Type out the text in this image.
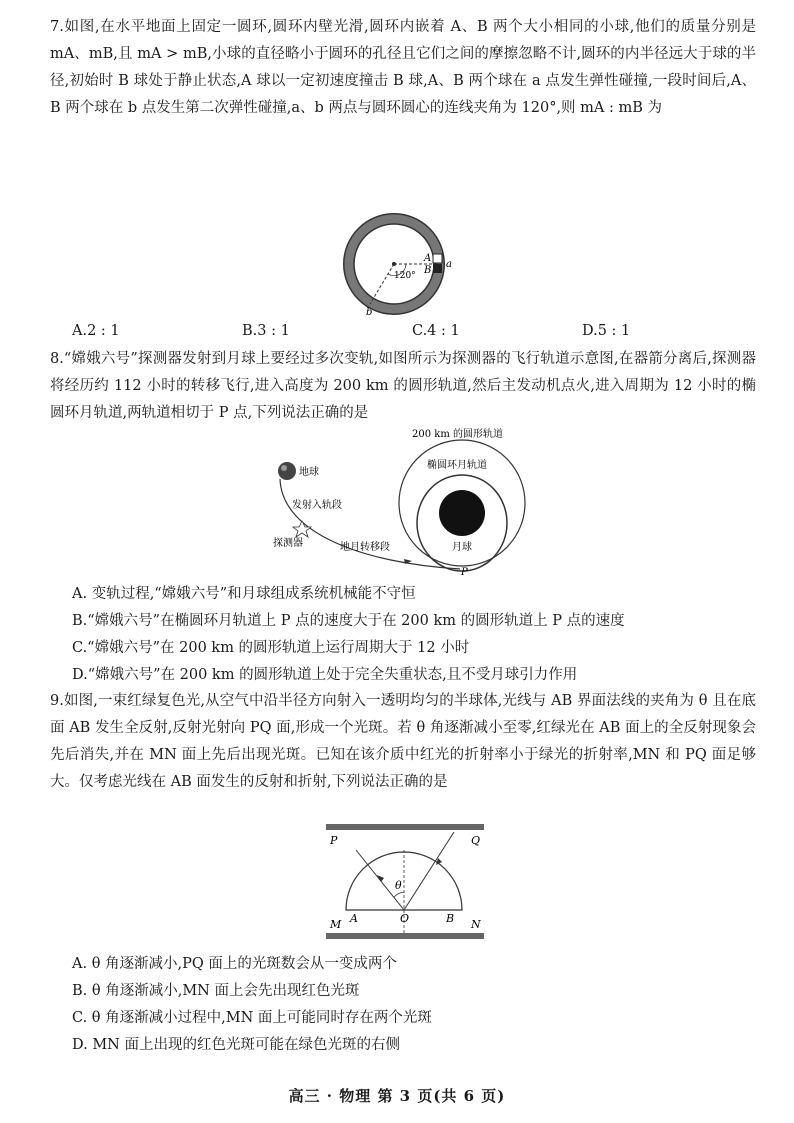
7.如图,在水平地面上固定一圆环,圆环内壁光滑,圆环内嵌着 A、B 两个大小相同的小球,他们的质量分别是 mA、mB,且 mA > mB,小球的直径略小于圆环的孔径且它们之间的摩擦忽略不计,圆环的内半径远大于球的半径,初始时 B 球处于静止状态,A 球以一定初速度撞击 B 球,A、B 两个球在 a 点发生弹性碰撞,一段时间后,A、B 两个球在 b 点发生第二次弹性碰撞,a、b 两点与圆环圆心的连线夹角为 120°,则 mA : mB 为

A
B
a
b
120°
A.2 : 1	B.3 : 1	C.4 : 1	D.5 : 1

8.“嫦娥六号”探测器发射到月球上要经过多次变轨,如图所示为探测器的飞行轨道示意图,在器箭分离后,探测器将经历约 112 小时的转移飞行,进入高度为 200 km 的圆形轨道,然后主发动机点火,进入周期为 12 小时的椭圆环月轨道,两轨道相切于 P 点,下列说法正确的是

地球
发射入轨段
探测器	地月转移段
200 km 的圆形轨道
椭圆环月轨道
月球
P
A. 变轨过程,“嫦娥六号”和月球组成系统机械能不守恒
B.“嫦娥六号”在椭圆环月轨道上 P 点的速度大于在 200 km 的圆形轨道上 P 点的速度
C.“嫦娥六号”在 200 km 的圆形轨道上运行周期大于 12 小时
D.“嫦娥六号”在 200 km 的圆形轨道上处于完全失重状态,且不受月球引力作用

9.如图,一束红绿复色光,从空气中沿半径方向射入一透明均匀的半球体,光线与 AB 界面法线的夹角为 θ 且在底面 AB 发生全反射,反射光射向 PQ 面,形成一个光斑。若 θ 角逐渐减小至零,红绿光在 AB 面上的全反射现象会先后消失,并在 MN 面上先后出现光斑。已知在该介质中红光的折射率小于绿光的折射率,MN 和 PQ 面足够大。仅考虑光线在 AB 面发生的反射和折射,下列说法正确的是

P	Q
M	N
A	B
O
θ
A. θ 角逐渐减小,PQ 面上的光斑数会从一变成两个
B. θ 角逐渐减小,MN 面上会先出现红色光斑
C. θ 角逐渐减小过程中,MN 面上可能同时存在两个光斑
D. MN 面上出现的红色光斑可能在绿色光斑的右侧
高三 · 物理 第 3 页(共 6 页)
